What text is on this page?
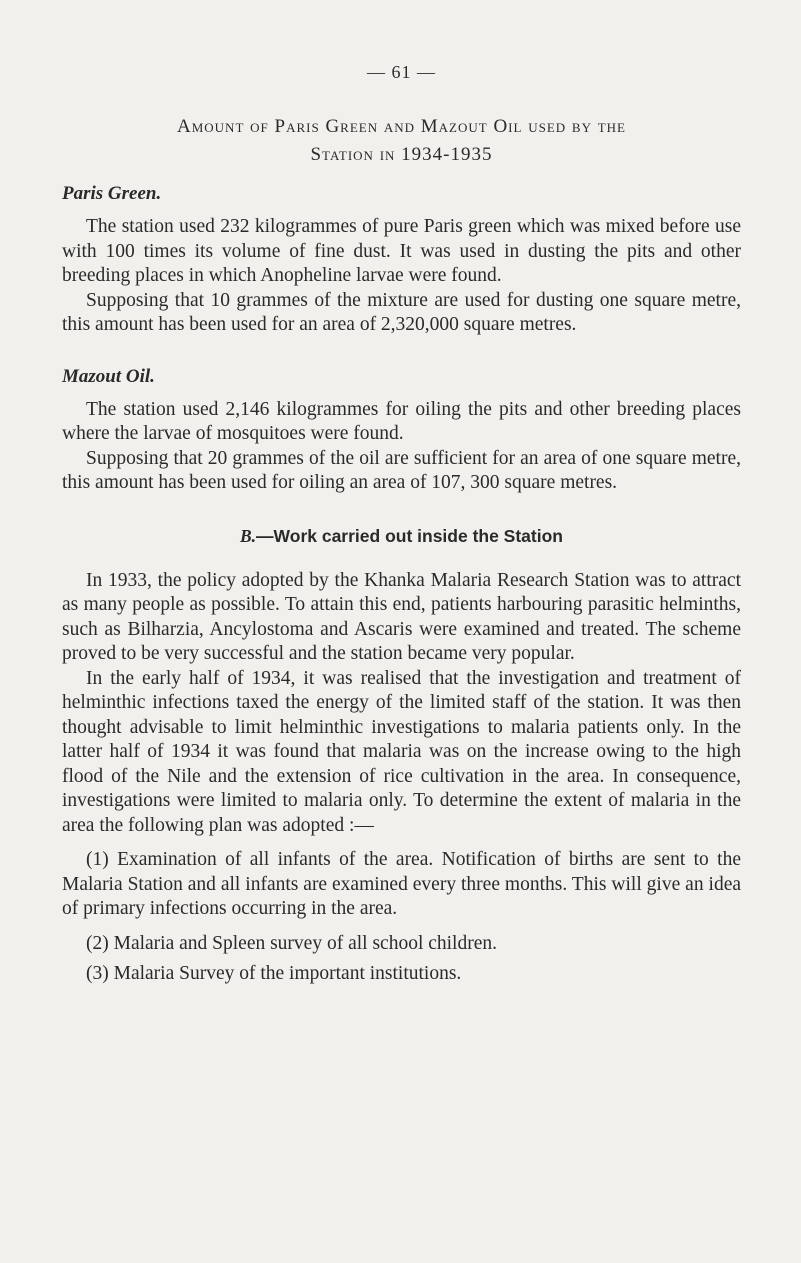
— 61 —
Amount of Paris Green and Mazout Oil used by the
Station in 1934-1935
Paris Green.

The station used 232 kilogrammes of pure Paris green which was mixed before use with 100 times its volume of fine dust. It was used in dusting the pits and other breeding places in which Anopheline larvae were found.

Supposing that 10 grammes of the mixture are used for dusting one square metre, this amount has been used for an area of 2,320,000 square metres.

Mazout Oil.

The station used 2,146 kilogrammes for oiling the pits and other breeding places where the larvae of mosquitoes were found.

Supposing that 20 grammes of the oil are sufficient for an area of one square metre, this amount has been used for oiling an area of 107, 300 square metres.

B.—Work carried out inside the Station

In 1933, the policy adopted by the Khanka Malaria Research Station was to attract as many people as possible. To attain this end, patients harbouring parasitic helminths, such as Bilharzia, Ancylostoma and Ascaris were examined and treated. The scheme proved to be very successful and the station became very popular.

In the early half of 1934, it was realised that the investigation and treatment of helminthic infections taxed the energy of the limited staff of the station. It was then thought advisable to limit helminthic investigations to malaria patients only. In the latter half of 1934 it was found that malaria was on the increase owing to the high flood of the Nile and the extension of rice cultivation in the area. In consequence, investigations were limited to malaria only. To determine the extent of malaria in the area the following plan was adopted :—

(1) Examination of all infants of the area. Notification of births are sent to the Malaria Station and all infants are examined every three months. This will give an idea of primary infections occurring in the area.

(2) Malaria and Spleen survey of all school children.

(3) Malaria Survey of the important institutions.
